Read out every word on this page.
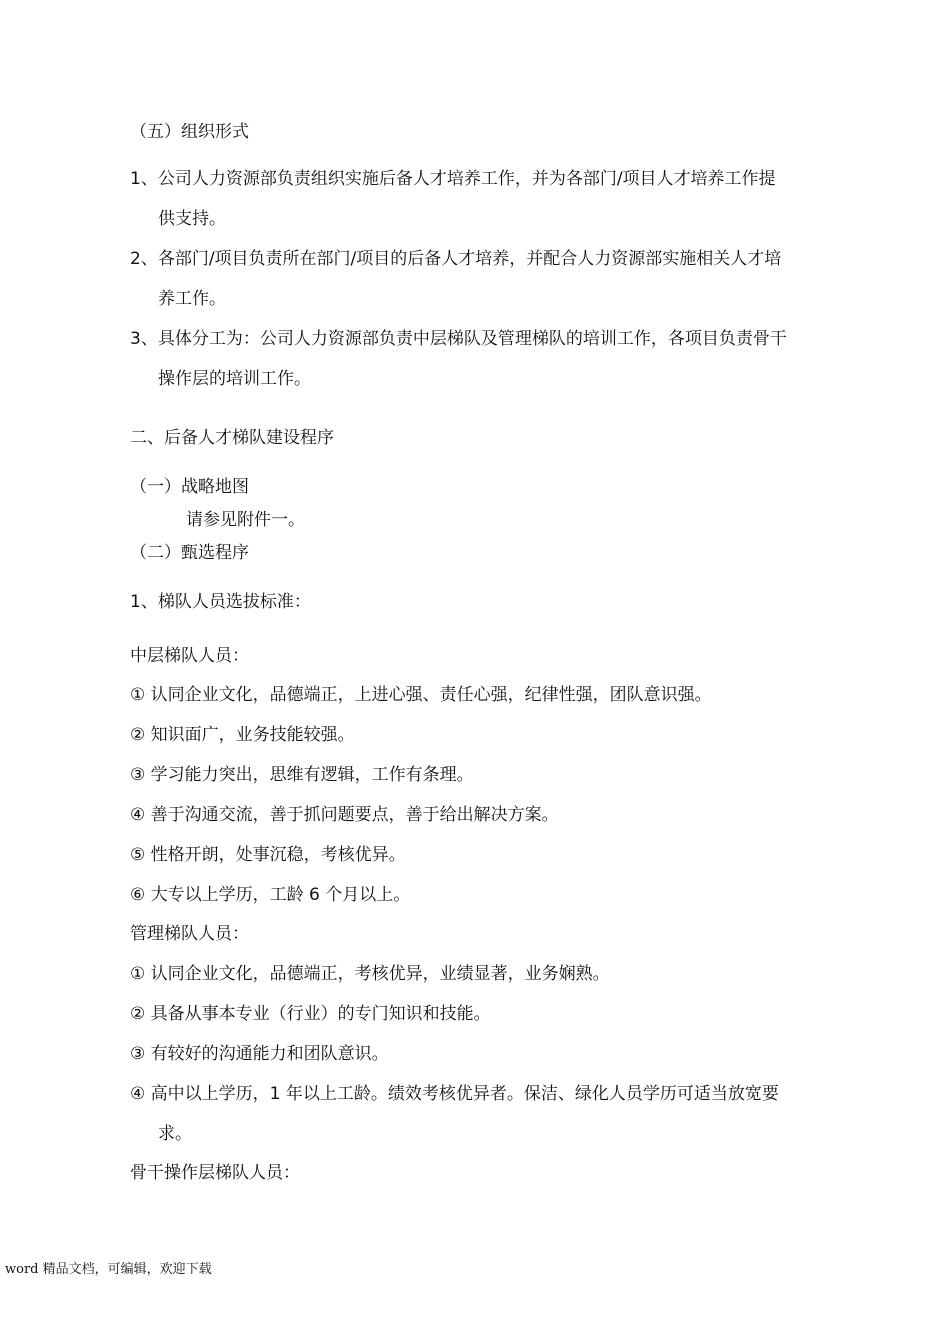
（五）组织形式
1、公司人力资源部负责组织实施后备人才培养工作，并为各部门/项目人才培养工作提
供支持。
2、各部门/项目负责所在部门/项目的后备人才培养，并配合人力资源部实施相关人才培
养工作。
3、具体分工为：公司人力资源部负责中层梯队及管理梯队的培训工作，各项目负责骨干
操作层的培训工作。
二、后备人才梯队建设程序
（一）战略地图
请参见附件一。
（二）甄选程序
1、梯队人员选拔标准：
中层梯队人员：
① 认同企业文化，品德端正，上进心强、责任心强，纪律性强，团队意识强。
② 知识面广，业务技能较强。
③ 学习能力突出，思维有逻辑，工作有条理。
④ 善于沟通交流，善于抓问题要点，善于给出解决方案。
⑤ 性格开朗，处事沉稳，考核优异。
⑥ 大专以上学历，工龄 6 个月以上。
管理梯队人员：
① 认同企业文化，品德端正，考核优异，业绩显著，业务娴熟。
② 具备从事本专业（行业）的专门知识和技能。
③ 有较好的沟通能力和团队意识。
④ 高中以上学历，1 年以上工龄。绩效考核优异者。保洁、绿化人员学历可适当放宽要
求。
骨干操作层梯队人员：
word 精品文档，可编辑，欢迎下载
